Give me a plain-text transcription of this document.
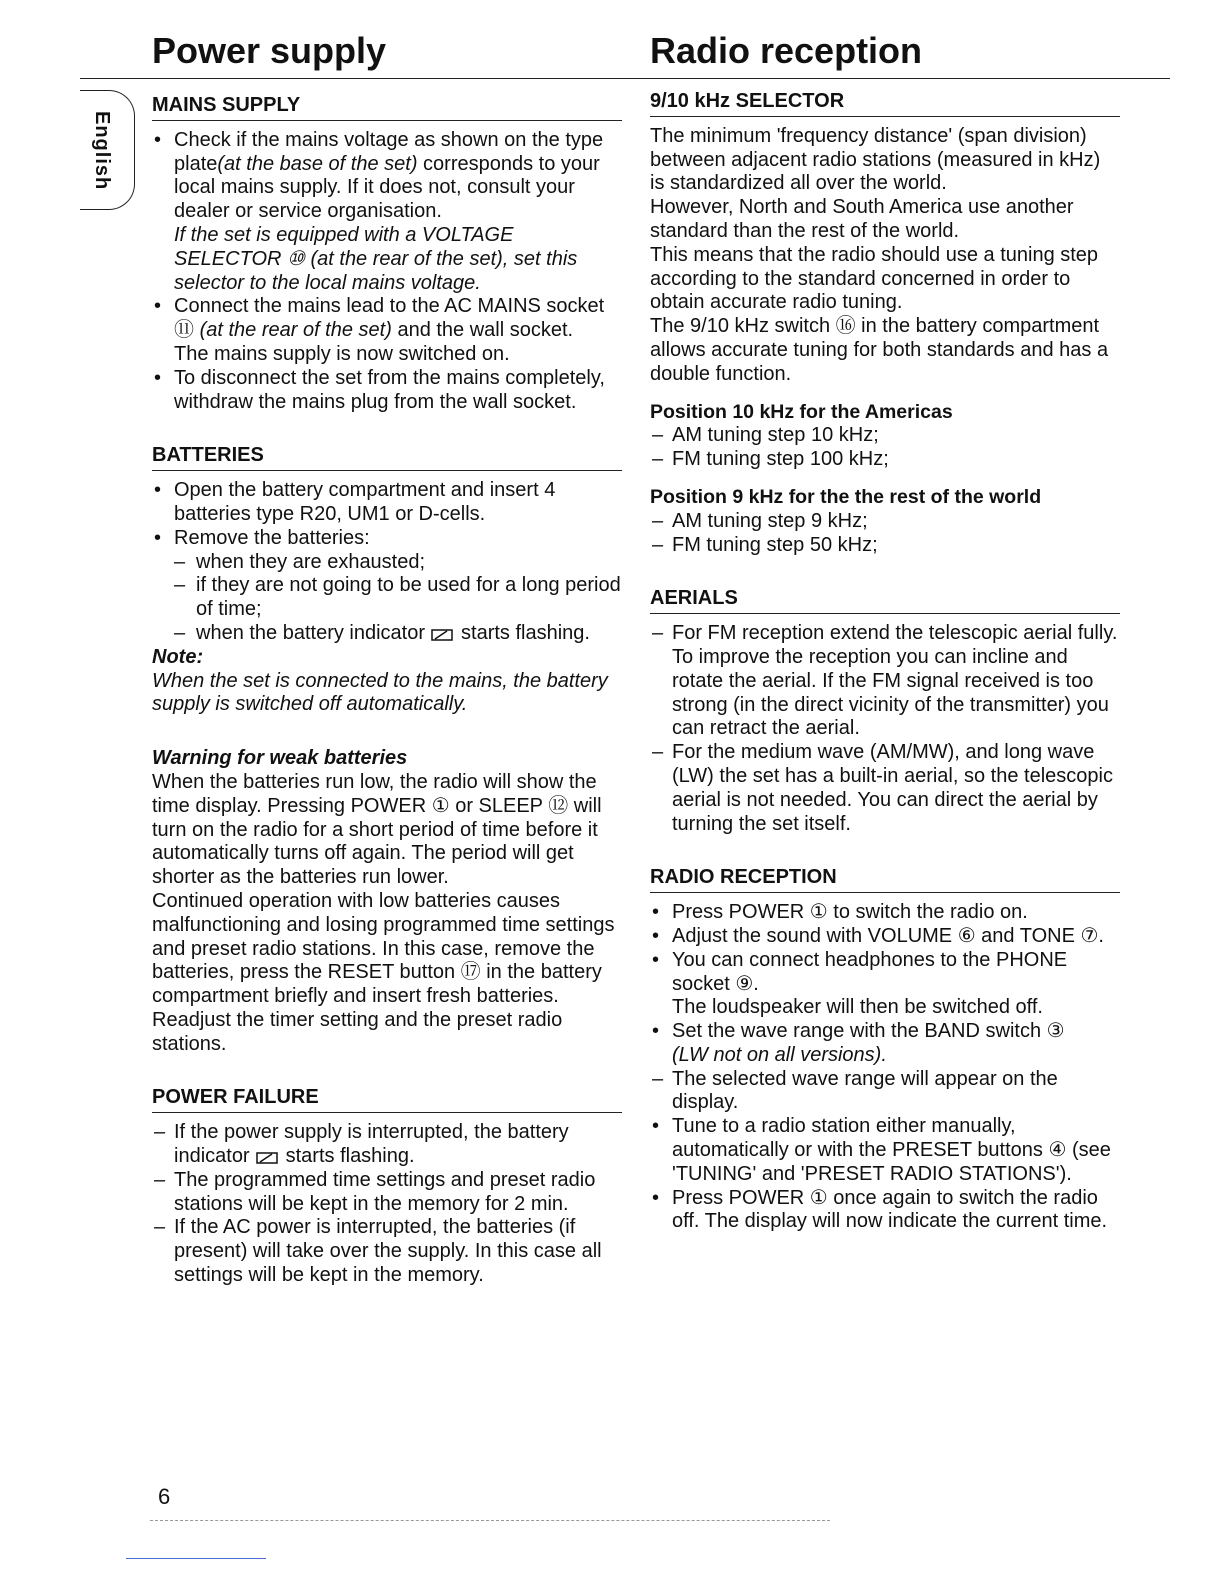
Power supply	Radio reception
English
MAINS SUPPLY
• Check if the mains voltage as shown on the type plate(at the base of the set) corresponds to your local mains supply. If it does not, consult your dealer or service organisation.
If the set is equipped with a VOLTAGE SELECTOR ⑩ (at the rear of the set), set this selector to the local mains voltage.
• Connect the mains lead to the AC MAINS socket ⑪ (at the rear of the set) and the wall socket.
The mains supply is now switched on.
• To disconnect the set from the mains completely, withdraw the mains plug from the wall socket.
BATTERIES
• Open the battery compartment and insert 4 batteries type R20, UM1 or D-cells.
• Remove the batteries:
– when they are exhausted;
– if they are not going to be used for a long period of time;
– when the battery indicator starts flashing.

Note:

When the set is connected to the mains, the battery supply is switched off automatically.

Warning for weak batteries

When the batteries run low, the radio will show the time display. Pressing POWER ① or SLEEP ⑫ will turn on the radio for a short period of time before it automatically turns off again. The period will get shorter as the batteries run lower.

Continued operation with low batteries causes malfunctioning and losing programmed time settings and preset radio stations. In this case, remove the batteries, press the RESET button ⑰ in the battery compartment briefly and insert fresh batteries.

Readjust the timer setting and the preset radio stations.

POWER FAILURE
– If the power supply is interrupted, the battery indicator starts flashing.
– The programmed time settings and preset radio stations will be kept in the memory for 2 min.
– If the AC power is interrupted, the batteries (if present) will take over the supply. In this case all settings will be kept in the memory.
9/10 kHz SELECTOR

The minimum 'frequency distance' (span division) between adjacent radio stations (measured in kHz) is standardized all over the world.

However, North and South America use another standard than the rest of the world.

This means that the radio should use a tuning step according to the standard concerned in order to obtain accurate radio tuning.

The 9/10 kHz switch ⑯ in the battery compartment allows accurate tuning for both standards and has a double function.

Position 10 kHz for the Americas

– AM tuning step 10 kHz;
– FM tuning step 100 kHz;

Position 9 kHz for the the rest of the world

– AM tuning step 9 kHz;
– FM tuning step 50 kHz;
AERIALS
– For FM reception extend the telescopic aerial fully.
To improve the reception you can incline and rotate the aerial. If the FM signal received is too strong (in the direct vicinity of the transmitter) you can retract the aerial.
– For the medium wave (AM/MW), and long wave (LW) the set has a built-in aerial, so the telescopic aerial is not needed. You can direct the aerial by turning the set itself.
RADIO RECEPTION
• Press POWER ① to switch the radio on.
• Adjust the sound with VOLUME ⑥ and TONE ⑦.
• You can connect headphones to the PHONE socket ⑨.
The loudspeaker will then be switched off.
• Set the wave range with the BAND switch ③
(LW not on all versions).
– The selected wave range will appear on the display.
• Tune to a radio station either manually, automatically or with the PRESET buttons ④ (see 'TUNING' and 'PRESET RADIO STATIONS').
• Press POWER ① once again to switch the radio off. The display will now indicate the current time.
6
